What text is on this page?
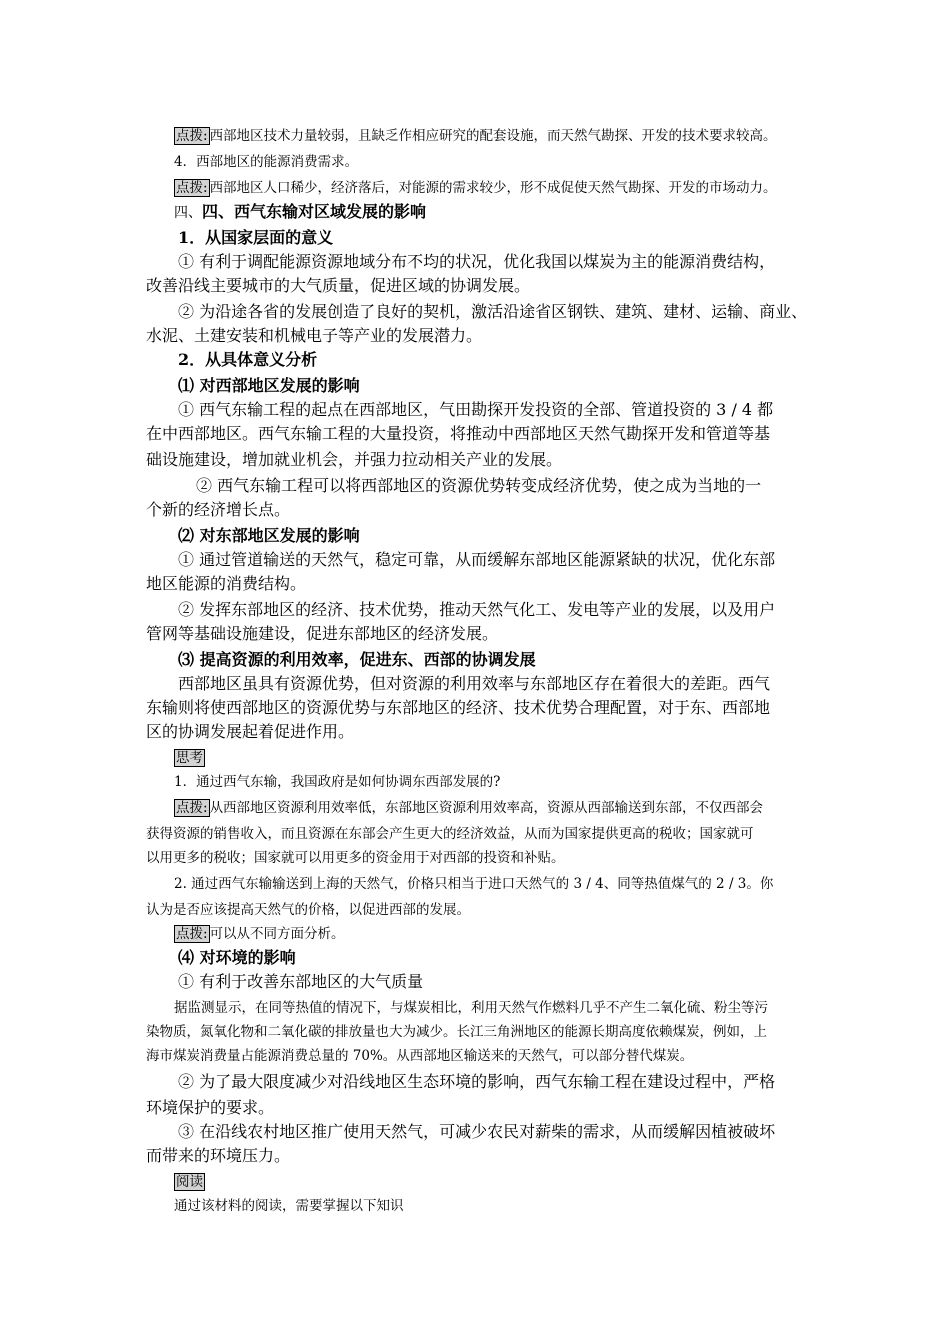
点拨: 西部地区技术力量较弱，且缺乏作相应研究的配套设施，而天然气勘探、开发的技术要求较高。
4．西部地区的能源消费需求。
点拨: 西部地区人口稀少，经济落后，对能源的需求较少，形不成促使天然气勘探、开发的市场动力。
四、四、西气东输对区域发展的影响
1．从国家层面的意义
① 有利于调配能源资源地域分布不均的状况，优化我国以煤炭为主的能源消费结构，
改善沿线主要城市的大气质量，促进区域的协调发展。
② 为沿途各省的发展创造了良好的契机，激活沿途省区钢铁、建筑、建材、运输、商业、
水泥、土建安装和机械电子等产业的发展潜力。
2．从具体意义分析
⑴ 对西部地区发展的影响
① 西气东输工程的起点在西部地区，气田勘探开发投资的全部、管道投资的 3 / 4 都
在中西部地区。西气东输工程的大量投资，将推动中西部地区天然气勘探开发和管道等基
础设施建设，增加就业机会，并强力拉动相关产业的发展。
② 西气东输工程可以将西部地区的资源优势转变成经济优势，使之成为当地的一
个新的经济增长点。
⑵ 对东部地区发展的影响
① 通过管道输送的天然气，稳定可靠，从而缓解东部地区能源紧缺的状况，优化东部
地区能源的消费结构。
② 发挥东部地区的经济、技术优势，推动天然气化工、发电等产业的发展，以及用户
管网等基础设施建设，促进东部地区的经济发展。
⑶ 提高资源的利用效率，促进东、西部的协调发展
西部地区虽具有资源优势，但对资源的利用效率与东部地区存在着很大的差距。西气
东输则将使西部地区的资源优势与东部地区的经济、技术优势合理配置，对于东、西部地
区的协调发展起着促进作用。
思考
1．通过西气东输，我国政府是如何协调东西部发展的?
点拨: 从西部地区资源利用效率低，东部地区资源利用效率高，资源从西部输送到东部，不仅西部会
获得资源的销售收入，而且资源在东部会产生更大的经济效益，从而为国家提供更高的税收；国家就可
以用更多的税收；国家就可以用更多的资金用于对西部的投资和补贴。
2. 通过西气东输输送到上海的天然气，价格只相当于进口天然气的 3 / 4、同等热值煤气的 2 / 3。你
认为是否应该提高天然气的价格，以促进西部的发展。
点拨: 可以从不同方面分析。
⑷ 对环境的影响
① 有利于改善东部地区的大气质量
据监测显示，在同等热值的情况下，与煤炭相比，利用天然气作燃料几乎不产生二氧化硫、粉尘等污
染物质，氮氧化物和二氧化碳的排放量也大为减少。长江三角洲地区的能源长期高度依赖煤炭，例如，上
海市煤炭消费量占能源消费总量的 70%。从西部地区输送来的天然气，可以部分替代煤炭。
② 为了最大限度减少对沿线地区生态环境的影响，西气东输工程在建设过程中，严格
环境保护的要求。
③ 在沿线农村地区推广使用天然气，可减少农民对薪柴的需求，从而缓解因植被破坏
而带来的环境压力。
阅读
通过该材料的阅读，需要掌握以下知识
